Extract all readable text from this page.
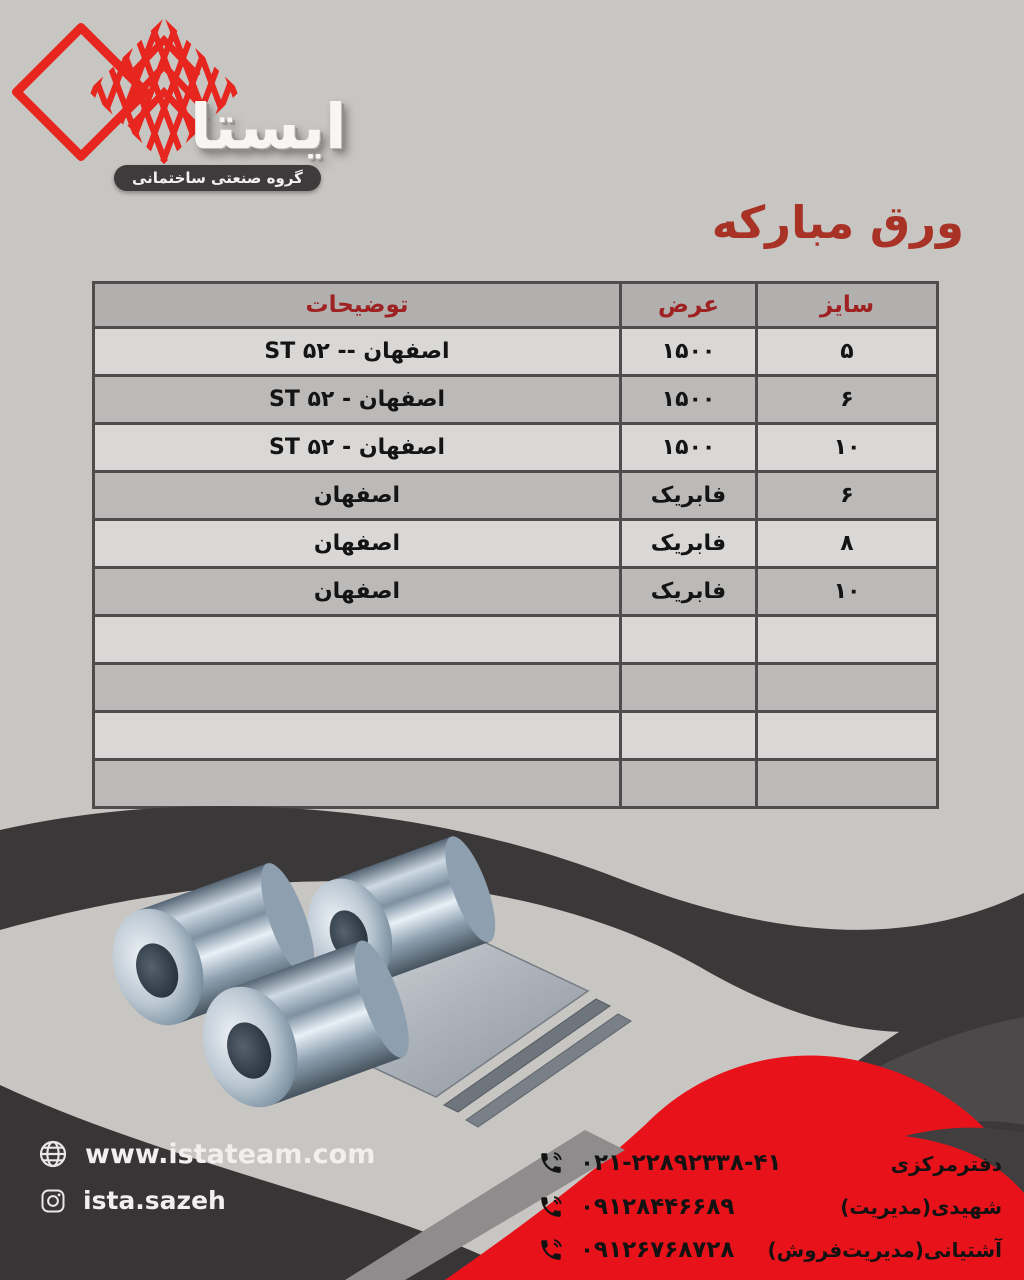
ایستا
گروه صنعتی ساختمانی
ورق مبارکه
سایز	عرض	توضیحات
۵	۱۵۰۰	ST ۵۲ -- اصفهان
۶	۱۵۰۰	ST ۵۲ - اصفهان
۱۰	۱۵۰۰	ST ۵۲ - اصفهان
۶	فابریک	اصفهان
۸	فابریک	اصفهان
۱۰	فابریک	اصفهان

www.istateam.com
ista.sazeh
۰۲۱-۲۲۸۹۲۳۳۸-۴۱
۰۹۱۲۸۴۴۶۶۸۹
۰۹۱۲۶۷۶۸۷۲۸
دفترمرکزی
شهیدی(مدیریت)
آشتیانی(مدیریت‌فروش)
